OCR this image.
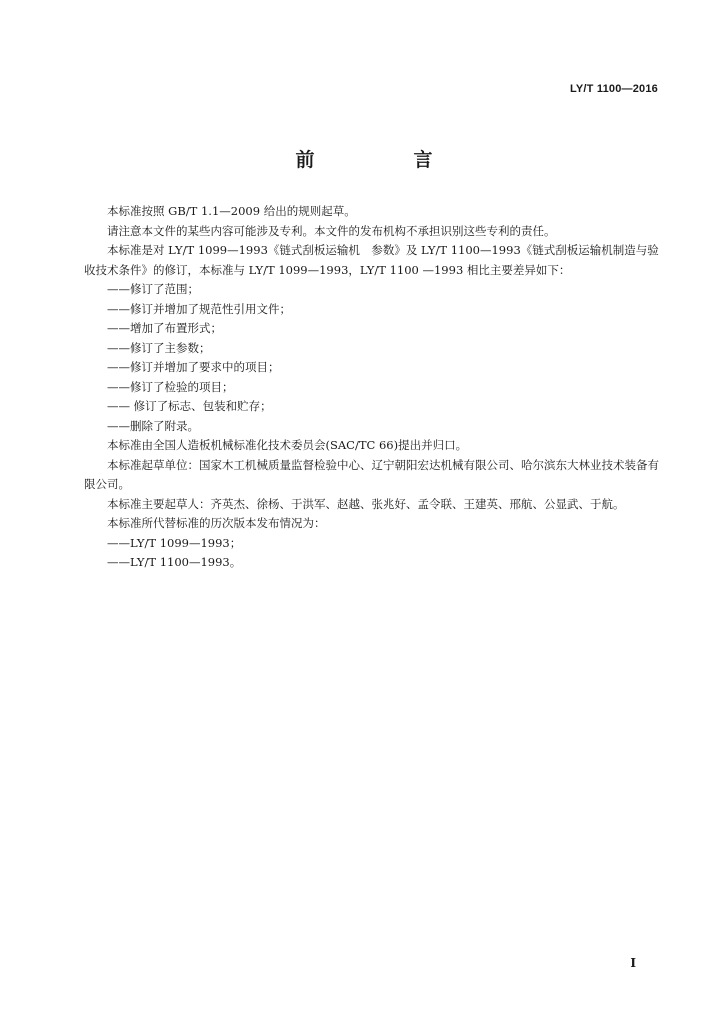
LY/T 1100—2016
前　言

本标准按照 GB/T 1.1—2009 给出的规则起草。

请注意本文件的某些内容可能涉及专利。本文件的发布机构不承担识别这些专利的责任。

本标准是对 LY/T 1099—1993《链式刮板运输机　参数》及 LY/T 1100—1993《链式刮板运输机制造与验收技术条件》的修订，本标准与 LY/T 1099—1993，LY/T 1100 —1993 相比主要差异如下：

——修订了范围；

——修订并增加了规范性引用文件；

——增加了布置形式；

——修订了主参数；

——修订并增加了要求中的项目；

——修订了检验的项目；

—— 修订了标志、包装和贮存；

——删除了附录。

本标准由全国人造板机械标准化技术委员会(SAC/TC 66)提出并归口。

本标准起草单位：国家木工机械质量监督检验中心、辽宁朝阳宏达机械有限公司、哈尔滨东大林业技术装备有限公司。

本标准主要起草人：齐英杰、徐杨、于洪军、赵越、张兆好、孟令联、王建英、邢航、公显武、于航。

本标准所代替标准的历次版本发布情况为：

——LY/T 1099—1993；

——LY/T 1100—1993。

I
